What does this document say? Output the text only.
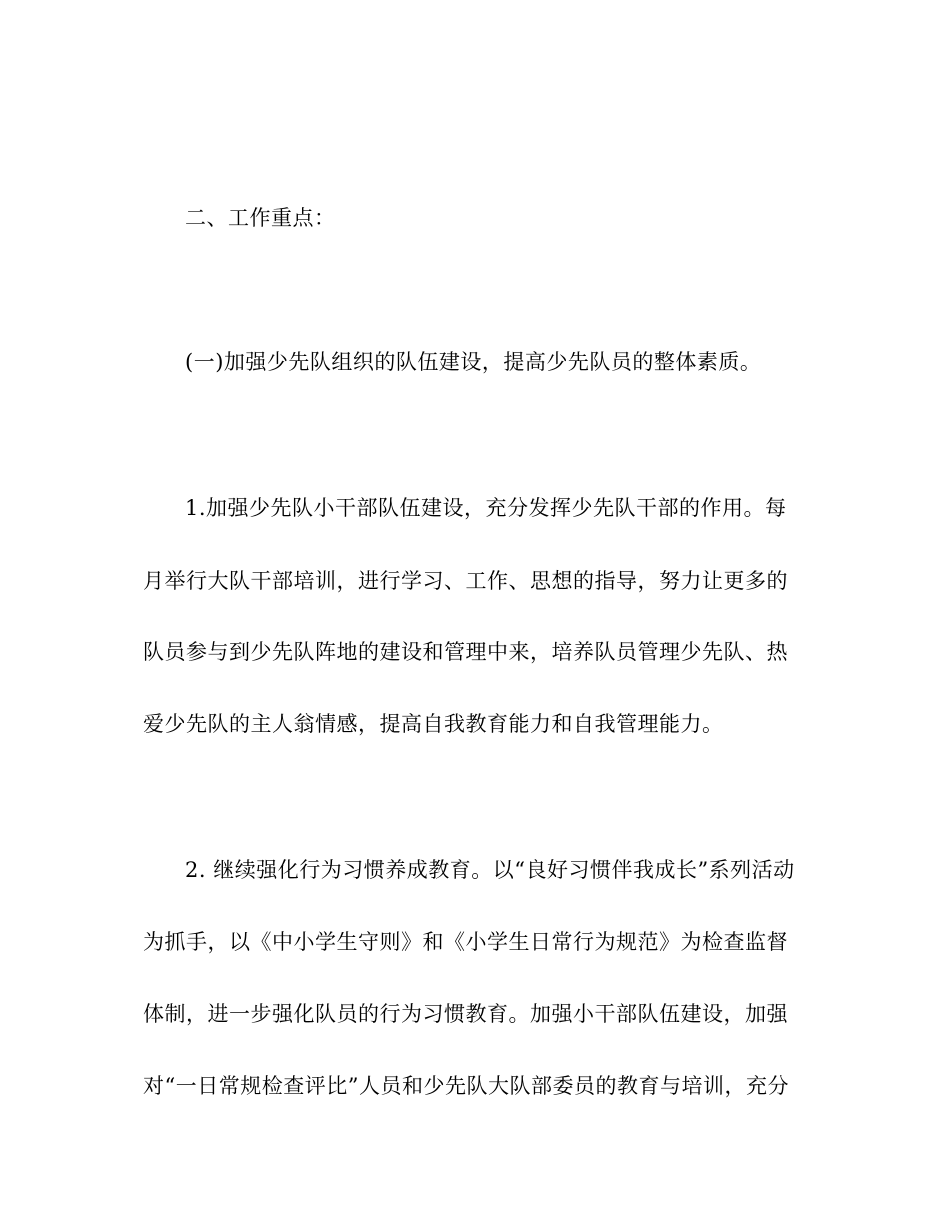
二、工作重点：
(一)加强少先队组织的队伍建设，提高少先队员的整体素质。
1.加强少先队小干部队伍建设，充分发挥少先队干部的作用。每
月举行大队干部培训，进行学习、工作、思想的指导，努力让更多的
队员参与到少先队阵地的建设和管理中来，培养队员管理少先队、热
爱少先队的主人翁情感，提高自我教育能力和自我管理能力。
2. 继续强化行为习惯养成教育。以“良好习惯伴我成长”系列活动
为抓手，以《中小学生守则》和《小学生日常行为规范》为检查监督
体制，进一步强化队员的行为习惯教育。加强小干部队伍建设，加强
对“一日常规检查评比”人员和少先队大队部委员的教育与培训，充分
